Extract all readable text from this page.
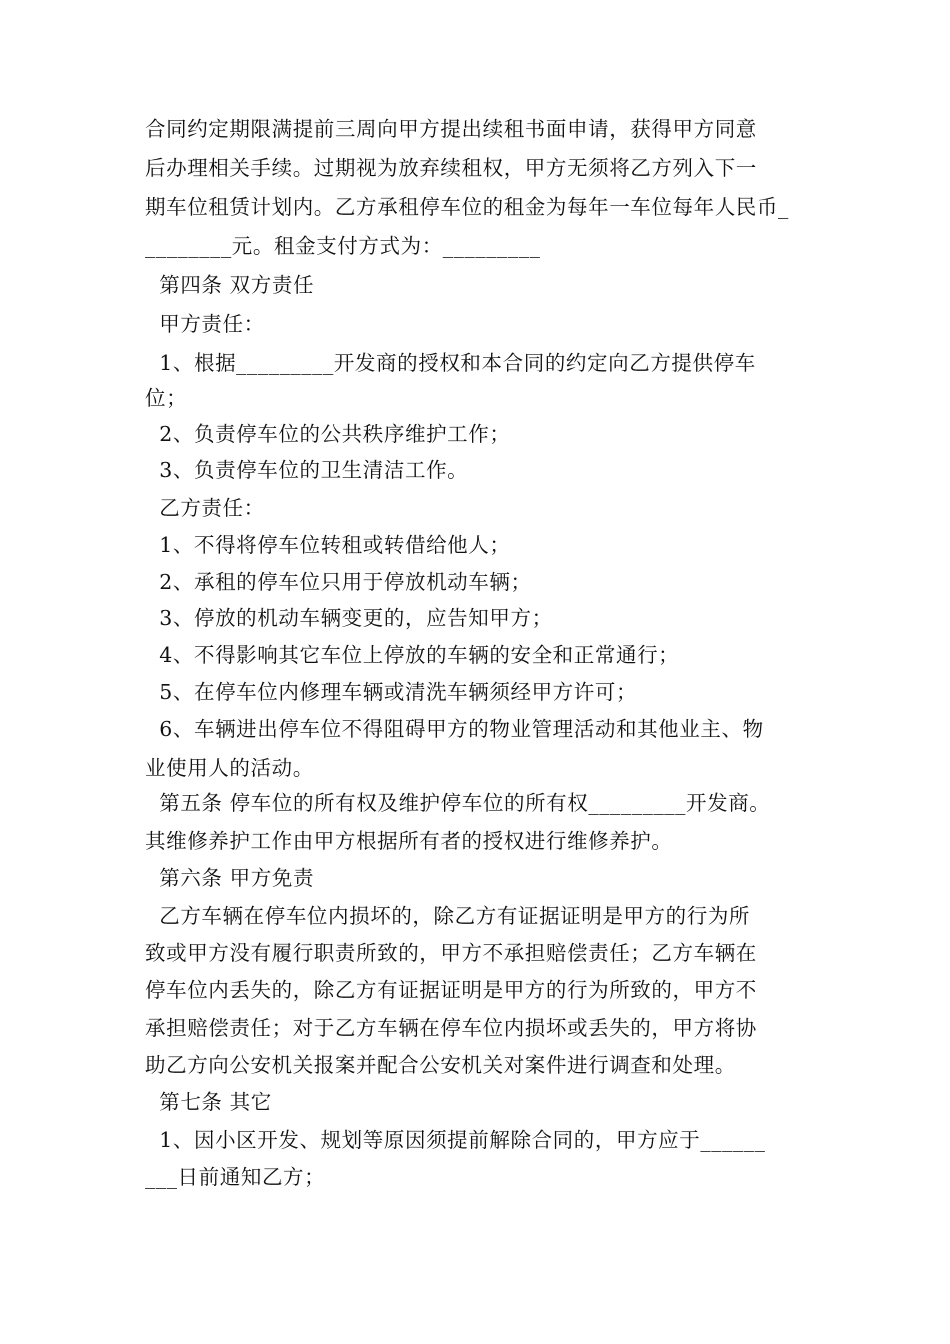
合同约定期限满提前三周向甲方提出续租书面申请，获得甲方同意
后办理相关手续。过期视为放弃续租权，甲方无须将乙方列入下一
期车位租赁计划内。乙方承租停车位的租金为每年一车位每年人民币_
________元。租金支付方式为：_________
第四条 双方责任
甲方责任：
1、根据_________开发商的授权和本合同的约定向乙方提供停车
位；
2、负责停车位的公共秩序维护工作；
3、负责停车位的卫生清洁工作。
乙方责任：
1、不得将停车位转租或转借给他人；
2、承租的停车位只用于停放机动车辆；
3、停放的机动车辆变更的，应告知甲方；
4、不得影响其它车位上停放的车辆的安全和正常通行；
5、在停车位内修理车辆或清洗车辆须经甲方许可；
6、车辆进出停车位不得阻碍甲方的物业管理活动和其他业主、物
业使用人的活动。
第五条 停车位的所有权及维护停车位的所有权_________开发商。
其维修养护工作由甲方根据所有者的授权进行维修养护。
第六条 甲方免责
乙方车辆在停车位内损坏的，除乙方有证据证明是甲方的行为所
致或甲方没有履行职责所致的，甲方不承担赔偿责任；乙方车辆在
停车位内丢失的，除乙方有证据证明是甲方的行为所致的，甲方不
承担赔偿责任；对于乙方车辆在停车位内损坏或丢失的，甲方将协
助乙方向公安机关报案并配合公安机关对案件进行调查和处理。
第七条 其它
1、因小区开发、规划等原因须提前解除合同的，甲方应于______
___日前通知乙方；
